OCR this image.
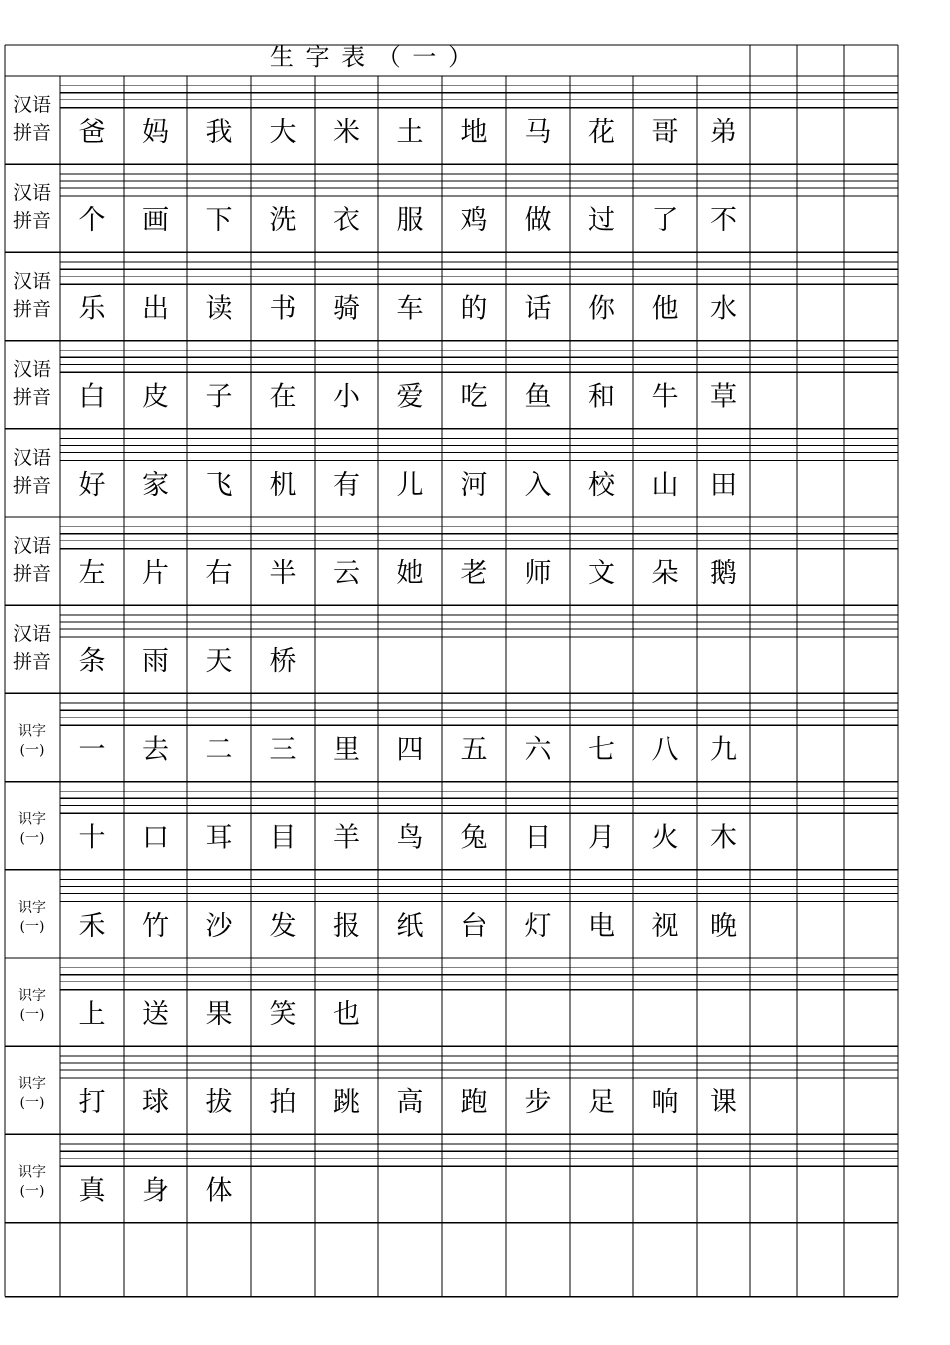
生 字 表 （ 一 ）
汉语
拼音
汉语
拼音
汉语
拼音
汉语
拼音
汉语
拼音
汉语
拼音
汉语
拼音
识字
(一)
识字
(一)
识字
(一)
识字
(一)
识字
(一)
识字
(一)
爸 妈 我 大 米 土 地 马 花 哥 弟
个 画 下 洗 衣 服 鸡 做 过 了 不
乐 出 读 书 骑 车 的 话 你 他 水
白 皮 子 在 小 爱 吃 鱼 和 牛 草
好 家 飞 机 有 儿 河 入 校 山 田
左 片 右 半 云 她 老 师 文 朵 鹅
条 雨 天 桥
一 去 二 三 里 四 五 六 七 八 九
十 口 耳 目 羊 鸟 兔 日 月 火 木
禾 竹 沙 发 报 纸 台 灯 电 视 晚
上 送 果 笑 也
打 球 拔 拍 跳 高 跑 步 足 响 课
真 身 体
